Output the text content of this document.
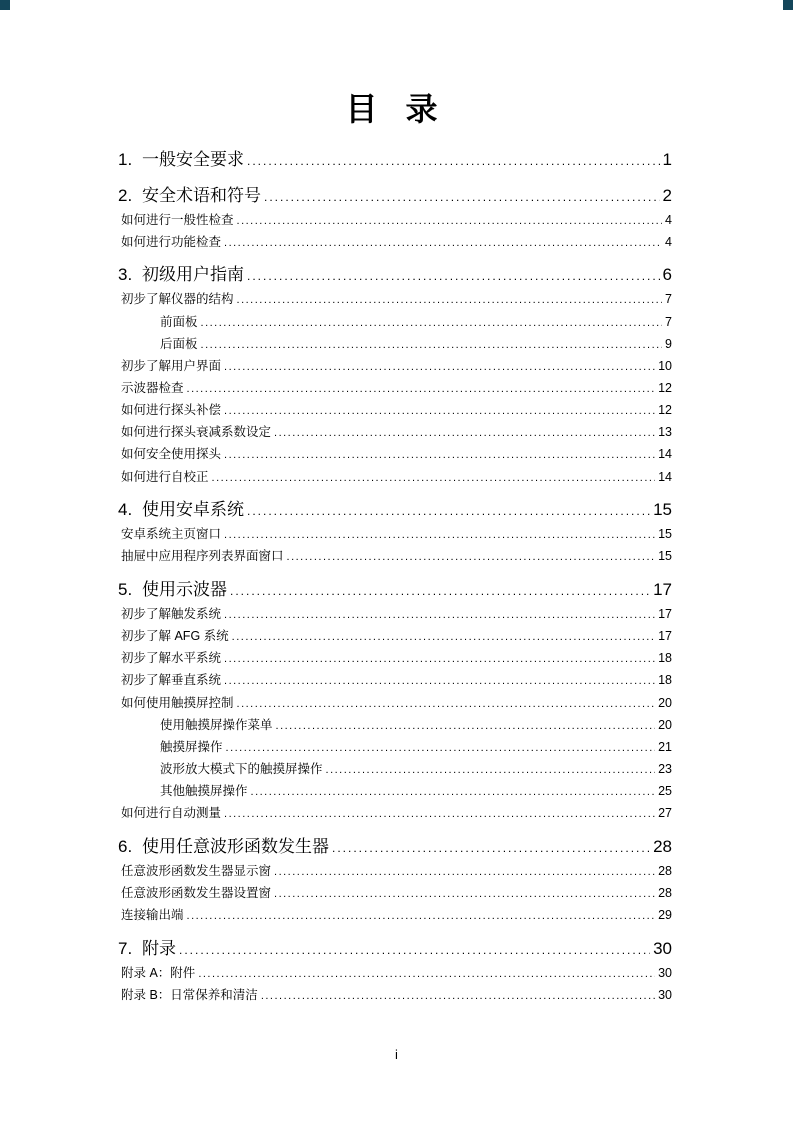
目 录
1. 一般安全要求 .....	1
2. 安全术语和符号 .....	2
如何进行一般性检查 .....	4
如何进行功能检查 .....	4
3. 初级用户指南 .....	6
初步了解仪器的结构 .....	7
前面板 .....	7
后面板 .....	9
初步了解用户界面 .....	10
示波器检查 .....	12
如何进行探头补偿 .....	12
如何进行探头衰减系数设定 .....	13
如何安全使用探头 .....	14
如何进行自校正 .....	14
4. 使用安卓系统 .....	15
安卓系统主页窗口 .....	15
抽屉中应用程序列表界面窗口 .....	15
5. 使用示波器 .....	17
初步了解触发系统 .....	17
初步了解 AFG 系统 .....	17
初步了解水平系统 .....	18
初步了解垂直系统 .....	18
如何使用触摸屏控制 .....	20
使用触摸屏操作菜单 .....	20
触摸屏操作 .....	21
波形放大模式下的触摸屏操作 .....	23
其他触摸屏操作 .....	25
如何进行自动测量 .....	27
6. 使用任意波形函数发生器 .....	28
任意波形函数发生器显示窗 .....	28
任意波形函数发生器设置窗 .....	28
连接输出端 .....	29
7. 附录 .....	30
附录 A：附件 .....	30
附录 B：日常保养和清洁 .....	30
i
